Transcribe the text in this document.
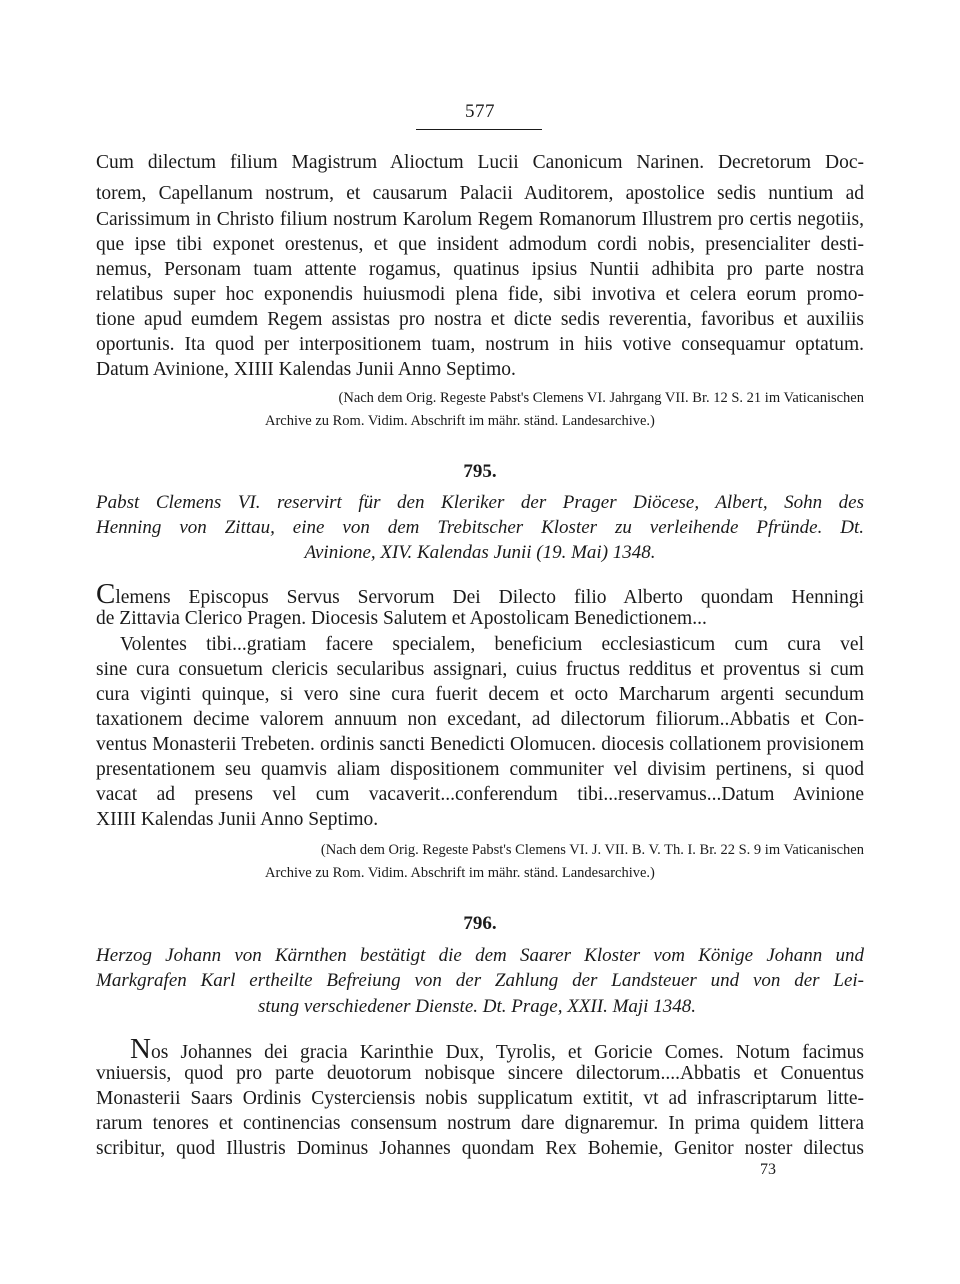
577
Cum dilectum filium Magistrum Alioctum Lucii Canonicum Narinen. Decretorum Doc-
torem, Capellanum nostrum, et causarum Palacii Auditorem, apostolice sedis nuntium ad
Carissimum in Christo filium nostrum Karolum Regem Romanorum Illustrem pro certis negotiis,
que ipse tibi exponet orestenus, et que insident admodum cordi nobis, presencialiter desti-
nemus, Personam tuam attente rogamus, quatinus ipsius Nuntii adhibita pro parte nostra
relatibus super hoc exponendis huiusmodi plena fide, sibi invotiva et celera eorum promo-
tione apud eumdem Regem assistas pro nostra et dicte sedis reverentia, favoribus et auxiliis
oportunis. Ita quod per interpositionem tuam, nostrum in hiis votive consequamur optatum.
Datum Avinione, XIIII Kalendas Junii Anno Septimo.
(Nach dem Orig. Regeste Pabst's Clemens VI. Jahrgang VII. Br. 12 S. 21 im Vaticanischen
Archive zu Rom. Vidim. Abschrift im mähr. ständ. Landesarchive.)
795.
Pabst Clemens VI. reservirt für den Kleriker der Prager Diöcese, Albert, Sohn des
Henning von Zittau, eine von dem Trebitscher Kloster zu verleihende Pfründe. Dt.
Avinione, XIV. Kalendas Junii (19. Mai) 1348.
Clemens Episcopus Servus Servorum Dei Dilecto filio Alberto quondam Henningi
de Zittavia Clerico Pragen. Diocesis Salutem et Apostolicam Benedictionem...
Volentes tibi...gratiam facere specialem, beneficium ecclesiasticum cum cura vel
sine cura consuetum clericis secularibus assignari, cuius fructus redditus et proventus si cum
cura viginti quinque, si vero sine cura fuerit decem et octo Marcharum argenti secundum
taxationem decime valorem annuum non excedant, ad dilectorum filiorum..Abbatis et Con-
ventus Monasterii Trebeten. ordinis sancti Benedicti Olomucen. diocesis collationem provisionem
presentationem seu quamvis aliam dispositionem communiter vel divisim pertinens, si quod
vacat ad presens vel cum vacaverit...conferendum tibi...reservamus...Datum Avinione
XIIII Kalendas Junii Anno Septimo.
(Nach dem Orig. Regeste Pabst's Clemens VI. J. VII. B. V. Th. I. Br. 22 S. 9 im Vaticanischen
Archive zu Rom. Vidim. Abschrift im mähr. ständ. Landesarchive.)
796.
Herzog Johann von Kärnthen bestätigt die dem Saarer Kloster vom Könige Johann und
Markgrafen Karl ertheilte Befreiung von der Zahlung der Landsteuer und von der Lei-
stung verschiedener Dienste. Dt. Prage, XXII. Maji 1348.
Nos Johannes dei gracia Karinthie Dux, Tyrolis, et Goricie Comes. Notum facimus
vniuersis, quod pro parte deuotorum nobisque sincere dilectorum....Abbatis et Conuentus
Monasterii Saars Ordinis Cysterciensis nobis supplicatum extitit, vt ad infrascriptarum litte-
rarum tenores et continencias consensum nostrum dare dignaremur. In prima quidem littera
scribitur, quod Illustris Dominus Johannes quondam Rex Bohemie, Genitor noster dilectus
73
